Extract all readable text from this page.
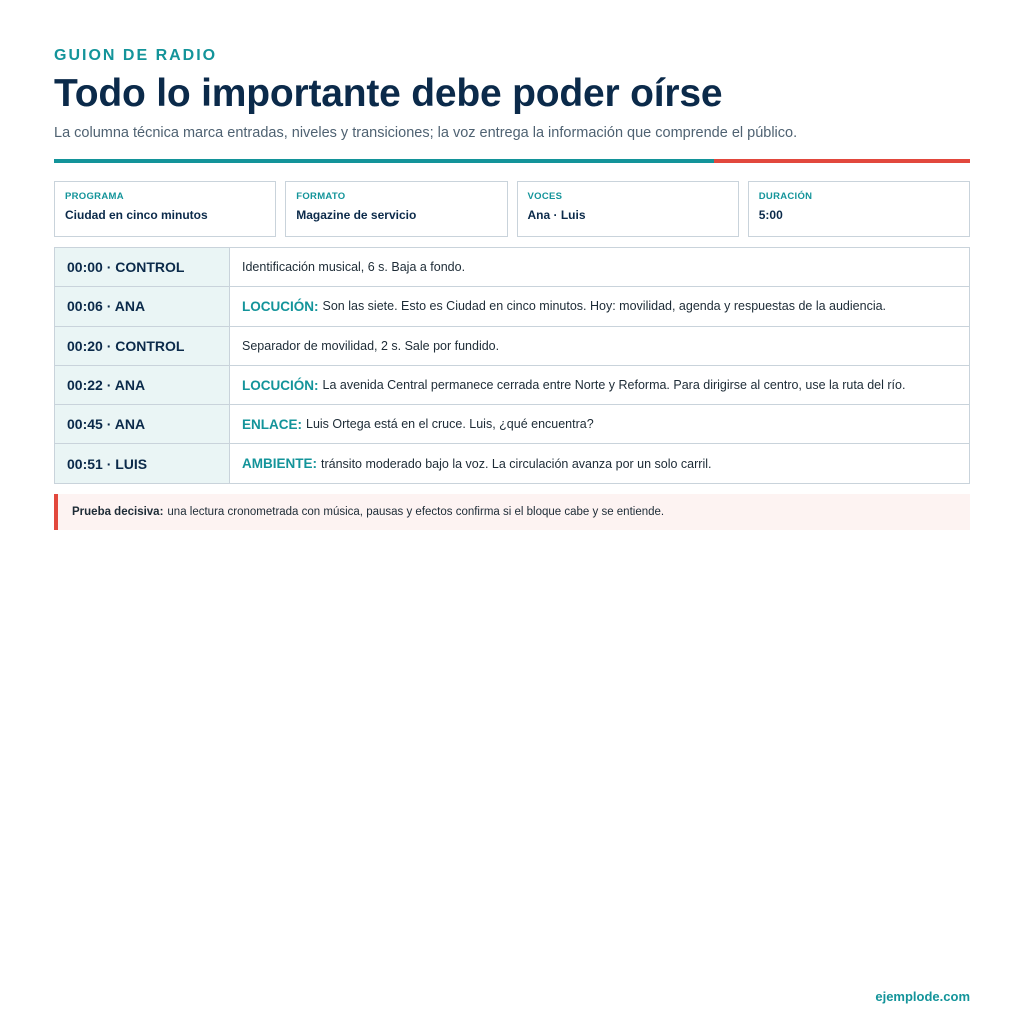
GUION DE RADIO
Todo lo importante debe poder oírse

La columna técnica marca entradas, niveles y transiciones; la voz entrega la información que comprende el público.

PROGRAMA
Ciudad en cinco minutos
FORMATO
Magazine de servicio
VOCES
Ana · Luis
DURACIÓN
5:00
00:00 · CONTROL	Identificación musical, 6 s. Baja a fondo.
00:06 · ANA	LOCUCIÓN: Son las siete. Esto es Ciudad en cinco minutos. Hoy: movilidad, agenda y respuestas de la audiencia.
00:20 · CONTROL	Separador de movilidad, 2 s. Sale por fundido.
00:22 · ANA	LOCUCIÓN: La avenida Central permanece cerrada entre Norte y Reforma. Para dirigirse al centro, use la ruta del río.
00:45 · ANA	ENLACE: Luis Ortega está en el cruce. Luis, ¿qué encuentra?
00:51 · LUIS	AMBIENTE: tránsito moderado bajo la voz. La circulación avanza por un solo carril.
Prueba decisiva: una lectura cronometrada con música, pausas y efectos confirma si el bloque cabe y se entiende.
ejemplode.com
